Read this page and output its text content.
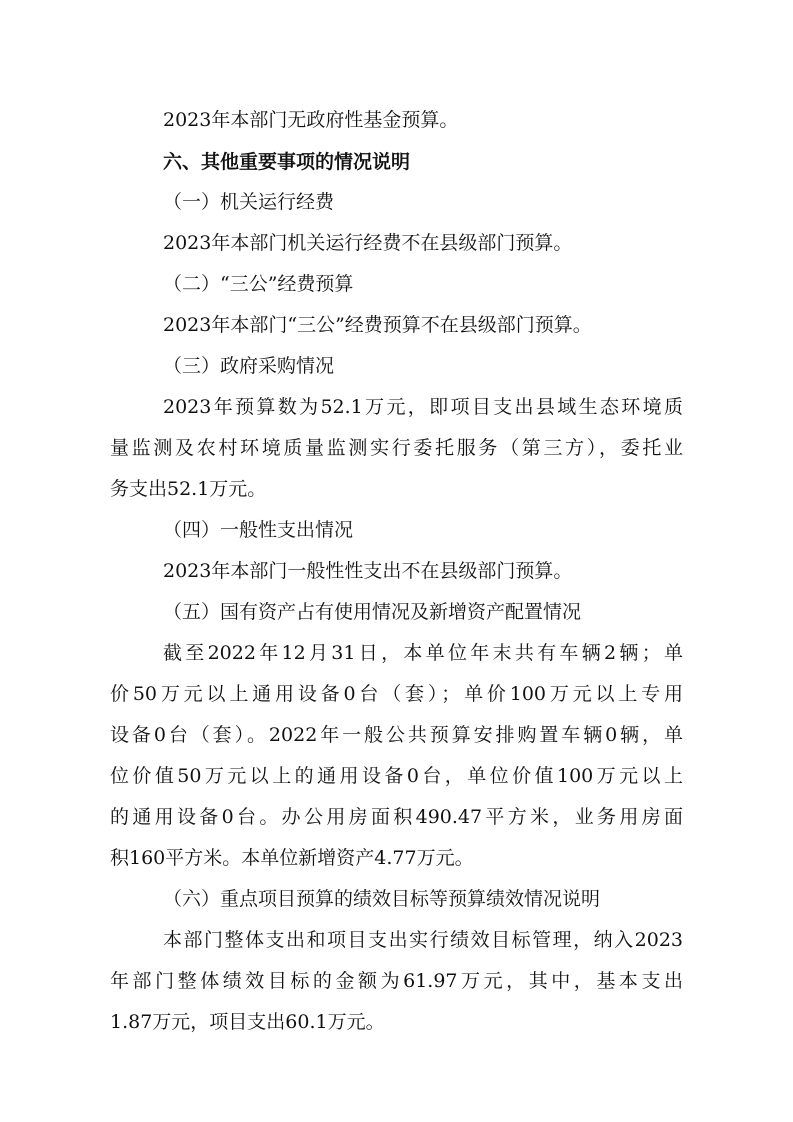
2023年本部门无政府性基金预算。

六、其他重要事项的情况说明

（一）机关运行经费

2023年本部门机关运行经费不在县级部门预算。

（二）“三公”经费预算

2023年本部门“三公”经费预算不在县级部门预算。

（三）政府采购情况

2023年预算数为52.1万元，即项目支出县域生态环境质

量监测及农村环境质量监测实行委托服务（第三方），委托业

务支出52.1万元。

（四）一般性支出情况

2023年本部门一般性性支出不在县级部门预算。

（五）国有资产占有使用情况及新增资产配置情况

截至2022年12月31日，本单位年末共有车辆2辆；单

价50万元以上通用设备0台（套）；单价100万元以上专用

设备0台（套）。2022年一般公共预算安排购置车辆0辆，单

位价值50万元以上的通用设备0台，单位价值100万元以上

的通用设备0台。办公用房面积490.47平方米，业务用房面

积160平方米。本单位新增资产4.77万元。

（六）重点项目预算的绩效目标等预算绩效情况说明

本部门整体支出和项目支出实行绩效目标管理，纳入2023

年部门整体绩效目标的金额为61.97万元，其中，基本支出

1.87万元，项目支出60.1万元。
